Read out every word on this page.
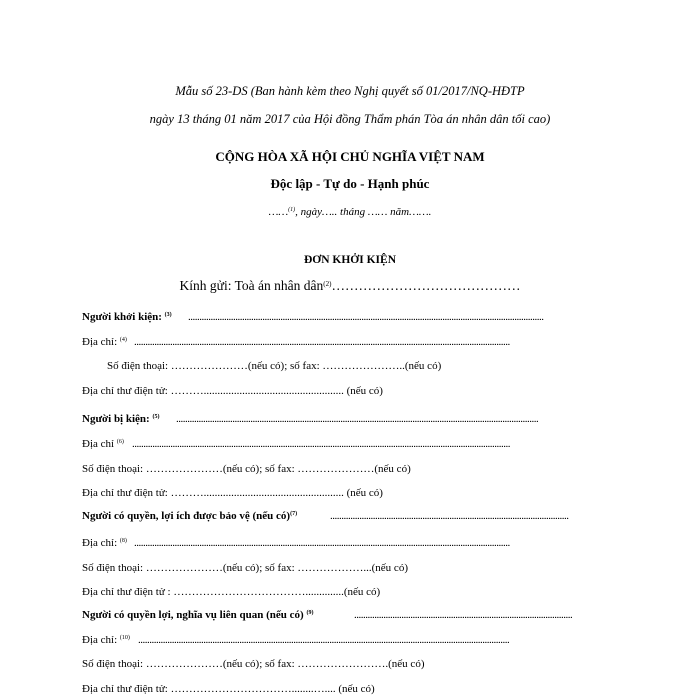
Mẫu số 23-DS (Ban hành kèm theo Nghị quyết số 01/2017/NQ-HĐTP
ngày 13 tháng 01 năm 2017 của Hội đồng Thẩm phán Tòa án nhân dân tối cao)
CỘNG HÒA XÃ HỘI CHỦ NGHĨA VIỆT NAM
Độc lập - Tự do - Hạnh phúc
……$^{(1)}$, ngày….. tháng …… năm…….
ĐƠN KHỞI KIỆN
Kính gửi: Toà án nhân dân$^{(2)}$……………………………………
Người khởi kiện: $^{(3)}$ ..............................................................................................................................................................
Địa chỉ: $^{(4)}$ .......................................................................................................................................................................
Số điện thoại: …………………(nếu có); số fax: …………………..(nếu có)
Địa chỉ thư điện tử: ………................................................... (nếu có)
Người bị kiện: $^{(5)}$ .................................................................................................................................................................
Địa chỉ $^{(6)}$ ........................................................................................................................................................................
Số điện thoại: …………………(nếu có); số fax: …………………(nếu có)
Địa chỉ thư điện tử: ………................................................... (nếu có)
Người có quyền, lợi ích được bảo vệ (nếu có)$^{(7)}$	..........................................................................................................
Địa chỉ: $^{(8)}$ .......................................................................................................................................................................
Số điện thoại: …………………(nếu có); số fax: ………………...(nếu có)
Địa chỉ thư điện tử : ………………………………..............(nếu có)
Người có quyền lợi, nghĩa vụ liên quan (nếu có) $^{(9)}$	.................................................................................................
Địa chỉ: $^{(10)}$ .....................................................................................................................................................................
Số điện thoại: …………………(nếu có); số fax: …………………….(nếu có)
Địa chỉ thư điện tử: ……………………………........….... (nếu có)
